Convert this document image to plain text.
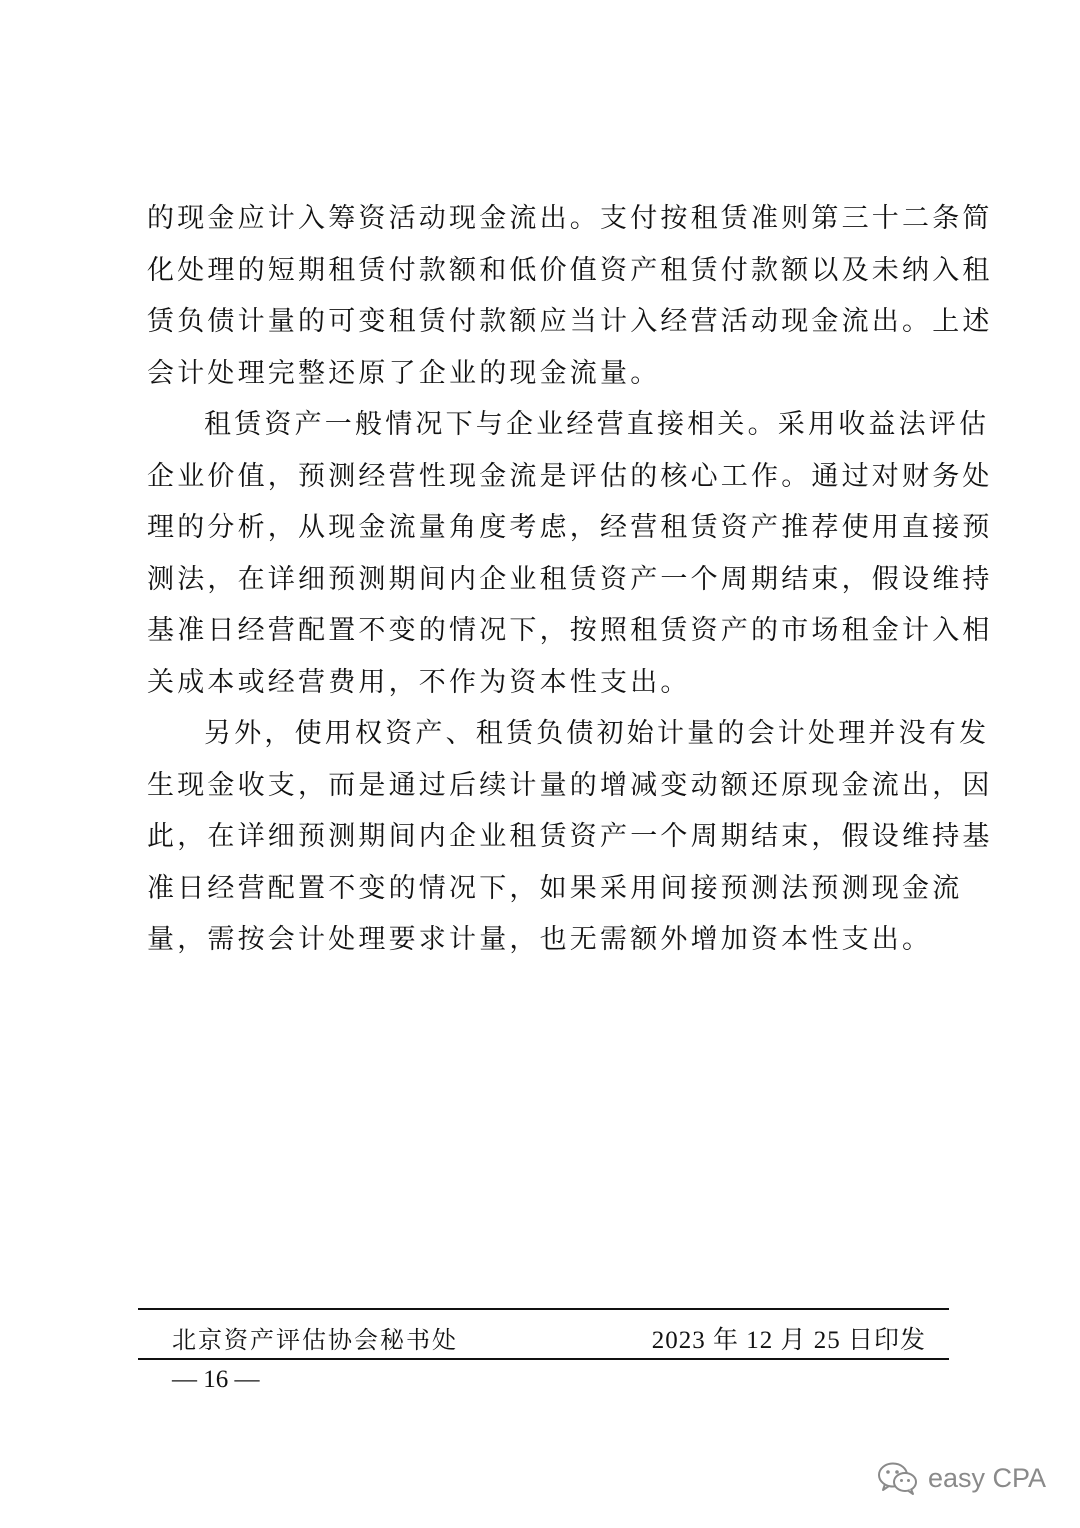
的现金应计入筹资活动现金流出。支付按租赁准则第三十二条简
化处理的短期租赁付款额和低价值资产租赁付款额以及未纳入租
赁负债计量的可变租赁付款额应当计入经营活动现金流出。上述
会计处理完整还原了企业的现金流量。
租赁资产一般情况下与企业经营直接相关。采用收益法评估
企业价值，预测经营性现金流是评估的核心工作。通过对财务处
理的分析，从现金流量角度考虑，经营租赁资产推荐使用直接预
测法，在详细预测期间内企业租赁资产一个周期结束，假设维持
基准日经营配置不变的情况下，按照租赁资产的市场租金计入相
关成本或经营费用，不作为资本性支出。
另外，使用权资产、租赁负债初始计量的会计处理并没有发
生现金收支，而是通过后续计量的增减变动额还原现金流出，因
此，在详细预测期间内企业租赁资产一个周期结束，假设维持基
准日经营配置不变的情况下，如果采用间接预测法预测现金流
量，需按会计处理要求计量，也无需额外增加资本性支出。
北京资产评估协会秘书处	2023 年 12 月 25 日印发
— 16 —
easy CPA
